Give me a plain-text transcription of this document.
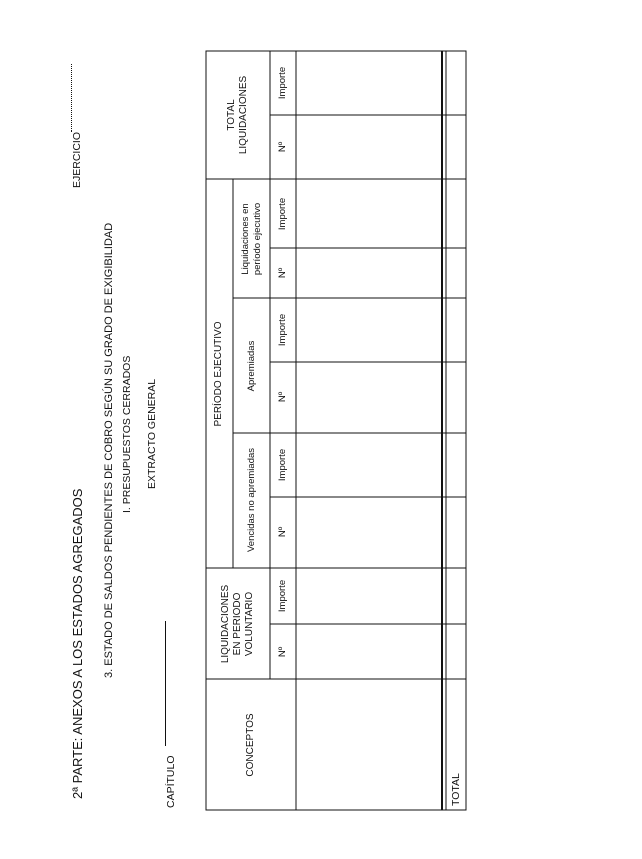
2ª PARTE: ANEXOS A LOS ESTADOS AGREGADOS 3. ESTADO DE SALDOS PENDIENTES DE COBRO SEGÚN SU GRADO DE EXIGIBILIDAD I. PRESUPUESTOS CERRADOS EXTRACTO GENERAL
CAPÍTULO
EJERCICIO
CONCEPTOS
LIQUIDACIONES EN PERIODO VOLUNTARIO
PERÍODO EJECUTIVO
Vencidas no apremiadas
Apremiadas
Liquidaciones en período ejecutivo
TOTAL LIQUIDACIONES
Nº
Importe
Nº
Importe
Nº
Importe
Nº
Importe
Nº
Importe
TOTAL
